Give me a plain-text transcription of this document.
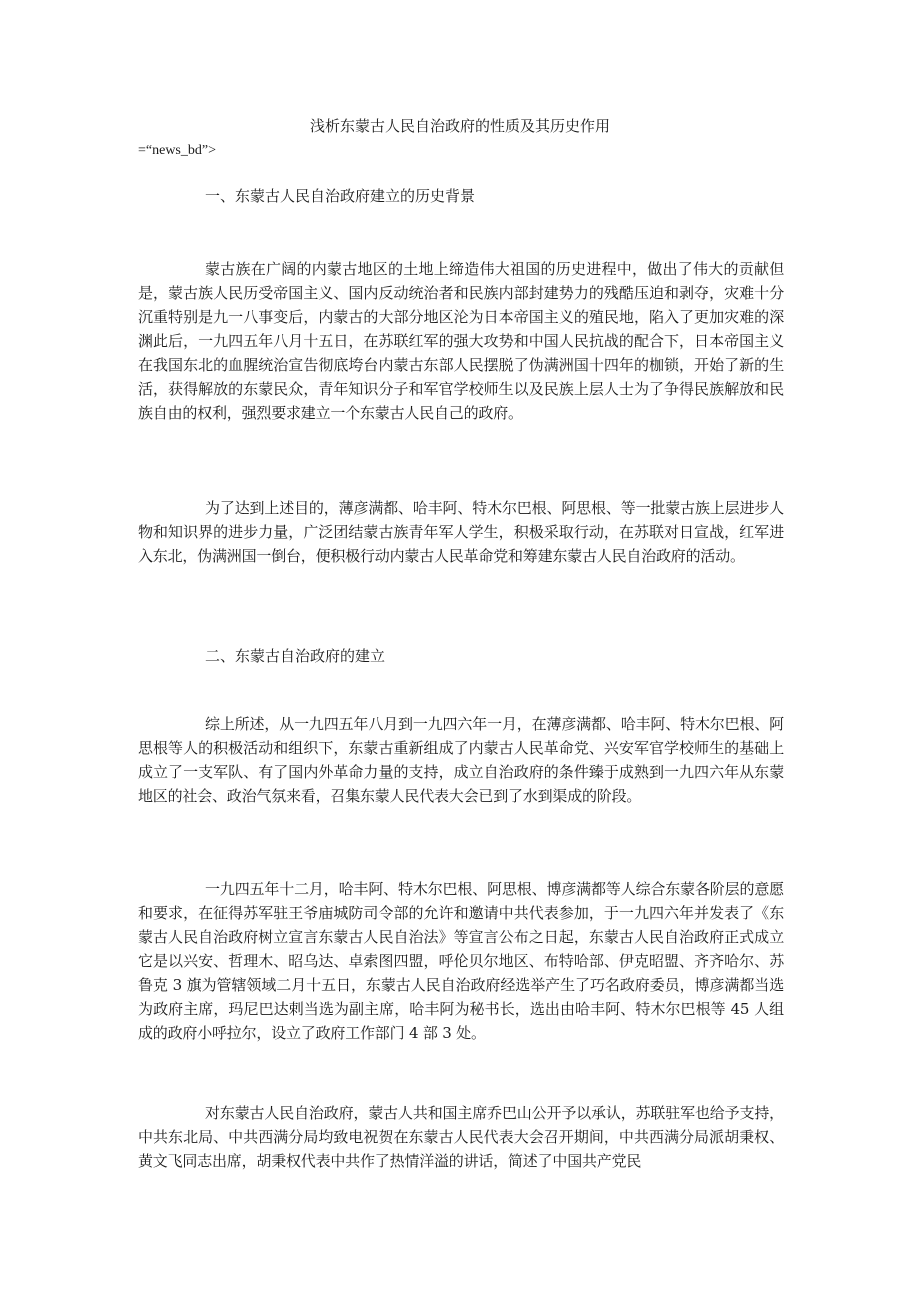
浅析东蒙古人民自治政府的性质及其历史作用
=“news_bd”>
一、东蒙古人民自治政府建立的历史背景

蒙古族在广阔的内蒙古地区的土地上缔造伟大祖国的历史进程中，做出了伟大的贡献但是，蒙古族人民历受帝国主义、国内反动统治者和民族内部封建势力的残酷压迫和剥夺，灾难十分沉重特别是九一八事变后，内蒙古的大部分地区沦为日本帝国主义的殖民地，陷入了更加灾难的深渊此后，一九四五年八月十五日，在苏联红军的强大攻势和中国人民抗战的配合下，日本帝国主义在我国东北的血腥统治宣告彻底垮台内蒙古东部人民摆脱了伪满洲国十四年的枷锁，开始了新的生活，获得解放的东蒙民众，青年知识分子和军官学校师生以及民族上层人士为了争得民族解放和民族自由的权利，强烈要求建立一个东蒙古人民自己的政府。

为了达到上述目的，薄彦满都、哈丰阿、特木尔巴根、阿思根、等一批蒙古族上层进步人物和知识界的进步力量，广泛团结蒙古族青年军人学生，积极采取行动，在苏联对日宣战，红军进入东北，伪满洲国一倒台，便积极行动内蒙古人民革命党和筹建东蒙古人民自治政府的活动。

二、东蒙古自治政府的建立

综上所述，从一九四五年八月到一九四六年一月，在薄彦满都、哈丰阿、特木尔巴根、阿思根等人的积极活动和组织下，东蒙古重新组成了内蒙古人民革命党、兴安军官学校师生的基础上成立了一支军队、有了国内外革命力量的支持，成立自治政府的条件臻于成熟到一九四六年从东蒙地区的社会、政治气氛来看，召集东蒙人民代表大会已到了水到渠成的阶段。

一九四五年十二月，哈丰阿、特木尔巴根、阿思根、博彦满都等人综合东蒙各阶层的意愿和要求，在征得苏军驻王爷庙城防司令部的允许和邀请中共代表参加，于一九四六年并发表了《东蒙古人民自治政府树立宣言东蒙古人民自治法》等宣言公布之日起，东蒙古人民自治政府正式成立它是以兴安、哲理木、昭乌达、卓索图四盟，呼伦贝尔地区、布特哈部、伊克昭盟、齐齐哈尔、苏鲁克 3 旗为管辖领域二月十五日，东蒙古人民自治政府经选举产生了巧名政府委员，博彦满都当选为政府主席，玛尼巴达剌当选为副主席，哈丰阿为秘书长，选出由哈丰阿、特木尔巴根等 45 人组成的政府小呼拉尔，设立了政府工作部门 4 部 3 处。

对东蒙古人民自治政府，蒙古人共和国主席乔巴山公开予以承认，苏联驻军也给予支持，中共东北局、中共西满分局均致电祝贺在东蒙古人民代表大会召开期间，中共西满分局派胡秉权、黄文飞同志出席，胡秉权代表中共作了热情洋溢的讲话，简述了中国共产党民
